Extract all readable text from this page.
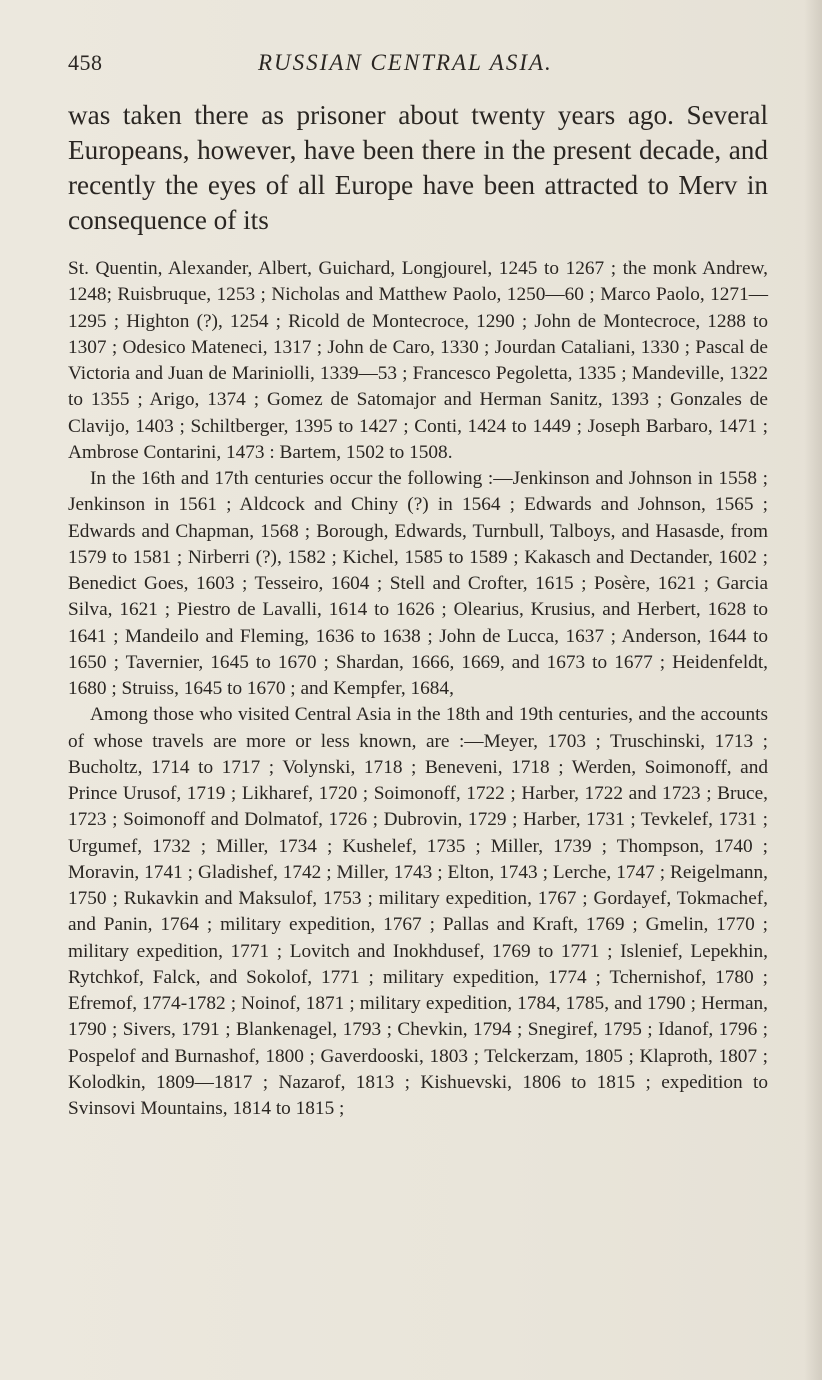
458	RUSSIAN CENTRAL ASIA.

was taken there as prisoner about twenty years ago. Several Europeans, however, have been there in the present decade, and recently the eyes of all Europe have been attracted to Merv in consequence of its

St. Quentin, Alexander, Albert, Guichard, Longjourel, 1245 to 1267 ; the monk Andrew, 1248; Ruisbruque, 1253 ; Nicholas and Matthew Paolo, 1250—60 ; Marco Paolo, 1271—1295 ; Highton (?), 1254 ; Ricold de Montecroce, 1290 ; John de Montecroce, 1288 to 1307 ; Odesico Mateneci, 1317 ; John de Caro, 1330 ; Jourdan Cataliani, 1330 ; Pascal de Victoria and Juan de Mariniolli, 1339—53 ; Francesco Pegoletta, 1335 ; Mandeville, 1322 to 1355 ; Arigo, 1374 ; Gomez de Satomajor and Herman Sanitz, 1393 ; Gonzales de Clavijo, 1403 ; Schiltberger, 1395 to 1427 ; Conti, 1424 to 1449 ; Joseph Barbaro, 1471 ; Ambrose Contarini, 1473 : Bartem, 1502 to 1508.

In the 16th and 17th centuries occur the following :—Jenkinson and Johnson in 1558 ; Jenkinson in 1561 ; Aldcock and Chiny (?) in 1564 ; Edwards and Johnson, 1565 ; Edwards and Chapman, 1568 ; Borough, Edwards, Turnbull, Talboys, and Hasasde, from 1579 to 1581 ; Nirberri (?), 1582 ; Kichel, 1585 to 1589 ; Kakasch and Dectander, 1602 ; Benedict Goes, 1603 ; Tesseiro, 1604 ; Stell and Crofter, 1615 ; Posère, 1621 ; Garcia Silva, 1621 ; Piestro de Lavalli, 1614 to 1626 ; Olearius, Krusius, and Herbert, 1628 to 1641 ; Mandeilo and Fleming, 1636 to 1638 ; John de Lucca, 1637 ; Anderson, 1644 to 1650 ; Tavernier, 1645 to 1670 ; Shardan, 1666, 1669, and 1673 to 1677 ; Heidenfeldt, 1680 ; Struiss, 1645 to 1670 ; and Kempfer, 1684,

Among those who visited Central Asia in the 18th and 19th centuries, and the accounts of whose travels are more or less known, are :—Meyer, 1703 ; Truschinski, 1713 ; Bucholtz, 1714 to 1717 ; Volynski, 1718 ; Beneveni, 1718 ; Werden, Soimonoff, and Prince Urusof, 1719 ; Likharef, 1720 ; Soimonoff, 1722 ; Harber, 1722 and 1723 ; Bruce, 1723 ; Soimonoff and Dolmatof, 1726 ; Dubrovin, 1729 ; Harber, 1731 ; Tevkelef, 1731 ; Urgumef, 1732 ; Miller, 1734 ; Kushelef, 1735 ; Miller, 1739 ; Thompson, 1740 ; Moravin, 1741 ; Gladishef, 1742 ; Miller, 1743 ; Elton, 1743 ; Lerche, 1747 ; Reigelmann, 1750 ; Rukavkin and Maksulof, 1753 ; military expedition, 1767 ; Gordayef, Tokmachef, and Panin, 1764 ; military expedition, 1767 ; Pallas and Kraft, 1769 ; Gmelin, 1770 ; military expedition, 1771 ; Lovitch and Inokhdusef, 1769 to 1771 ; Islenief, Lepekhin, Rytchkof, Falck, and Sokolof, 1771 ; military expedition, 1774 ; Tchernishof, 1780 ; Efremof, 1774-1782 ; Noinof, 1871 ; military expedition, 1784, 1785, and 1790 ; Herman, 1790 ; Sivers, 1791 ; Blankenagel, 1793 ; Chevkin, 1794 ; Snegiref, 1795 ; Idanof, 1796 ; Pospelof and Burnashof, 1800 ; Gaverdooski, 1803 ; Telckerzam, 1805 ; Klaproth, 1807 ; Kolodkin, 1809—1817 ; Nazarof, 1813 ; Kishuevski, 1806 to 1815 ; expedition to Svinsovi Mountains, 1814 to 1815 ;
